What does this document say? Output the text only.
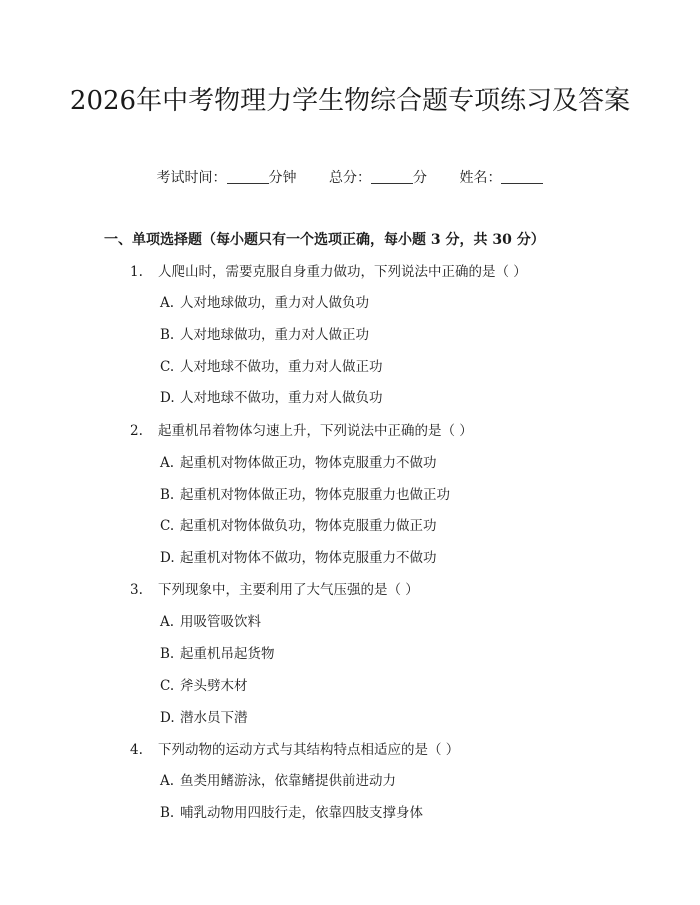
2026年中考物理力学生物综合题专项练习及答案
考试时间：	分钟 总分：	分 姓名：
一、单项选择题（每小题只有一个选项正确，每小题 3 分，共 30 分）
1. 人爬山时，需要克服自身重力做功，下列说法中正确的是（ ）
A. 人对地球做功，重力对人做负功
B. 人对地球做功，重力对人做正功
C. 人对地球不做功，重力对人做正功
D. 人对地球不做功，重力对人做负功
2. 起重机吊着物体匀速上升，下列说法中正确的是（ ）
A. 起重机对物体做正功，物体克服重力不做功
B. 起重机对物体做正功，物体克服重力也做正功
C. 起重机对物体做负功，物体克服重力做正功
D. 起重机对物体不做功，物体克服重力不做功
3. 下列现象中，主要利用了大气压强的是（ ）
A. 用吸管吸饮料
B. 起重机吊起货物
C. 斧头劈木材
D. 潜水员下潜
4. 下列动物的运动方式与其结构特点相适应的是（ ）
A. 鱼类用鳍游泳，依靠鳍提供前进动力
B. 哺乳动物用四肢行走，依靠四肢支撑身体
